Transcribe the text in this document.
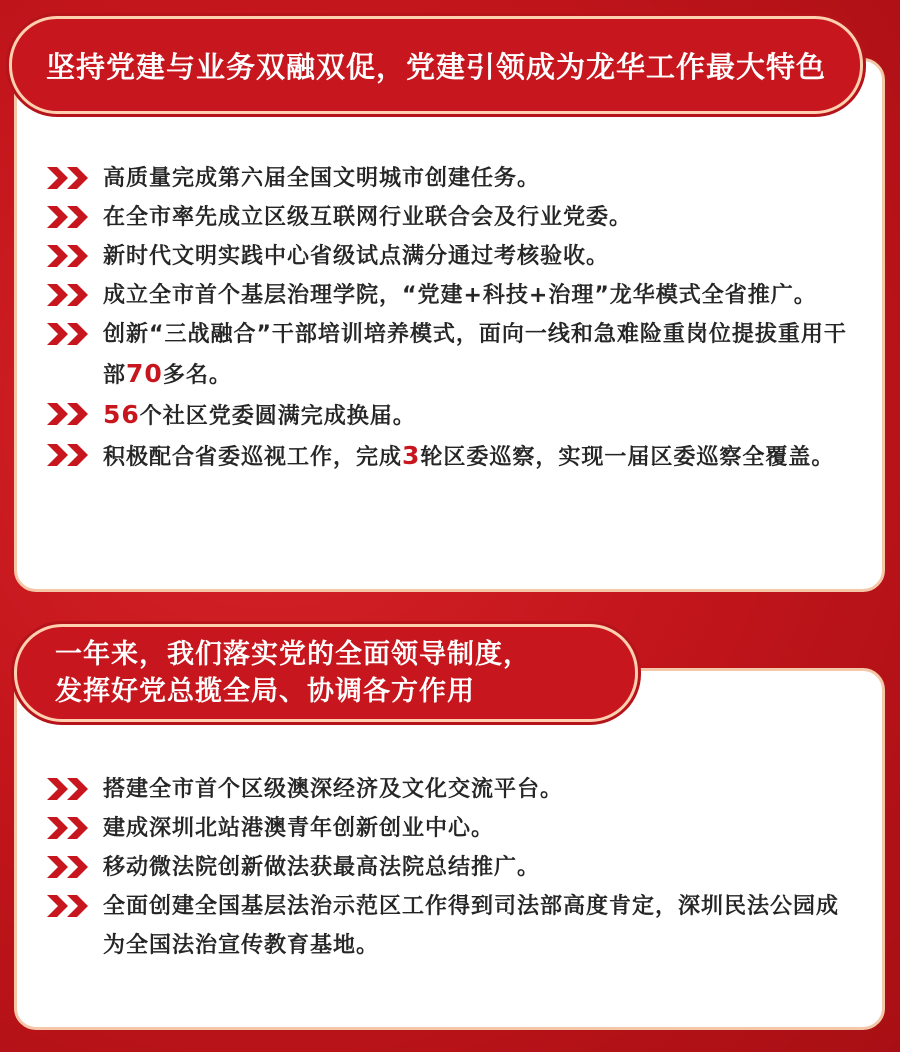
高质量完成第六届全国文明城市创建任务。
在全市率先成立区级互联网行业联合会及行业党委。
新时代文明实践中心省级试点满分通过考核验收。
成立全市首个基层治理学院，“党建+科技+治理”龙华模式全省推广。
创新“三战融合”干部培训培养模式，面向一线和急难险重岗位提拔重用干部70多名。
56个社区党委圆满完成换届。
积极配合省委巡视工作，完成3轮区委巡察，实现一届区委巡察全覆盖。
坚持党建与业务双融双促，党建引领成为龙华工作最大特色
搭建全市首个区级澳深经济及文化交流平台。
建成深圳北站港澳青年创新创业中心。
移动微法院创新做法获最高法院总结推广。
全面创建全国基层法治示范区工作得到司法部高度肯定，深圳民法公园成为全国法治宣传教育基地。
一年来，我们落实党的全面领导制度，
发挥好党总揽全局、协调各方作用
